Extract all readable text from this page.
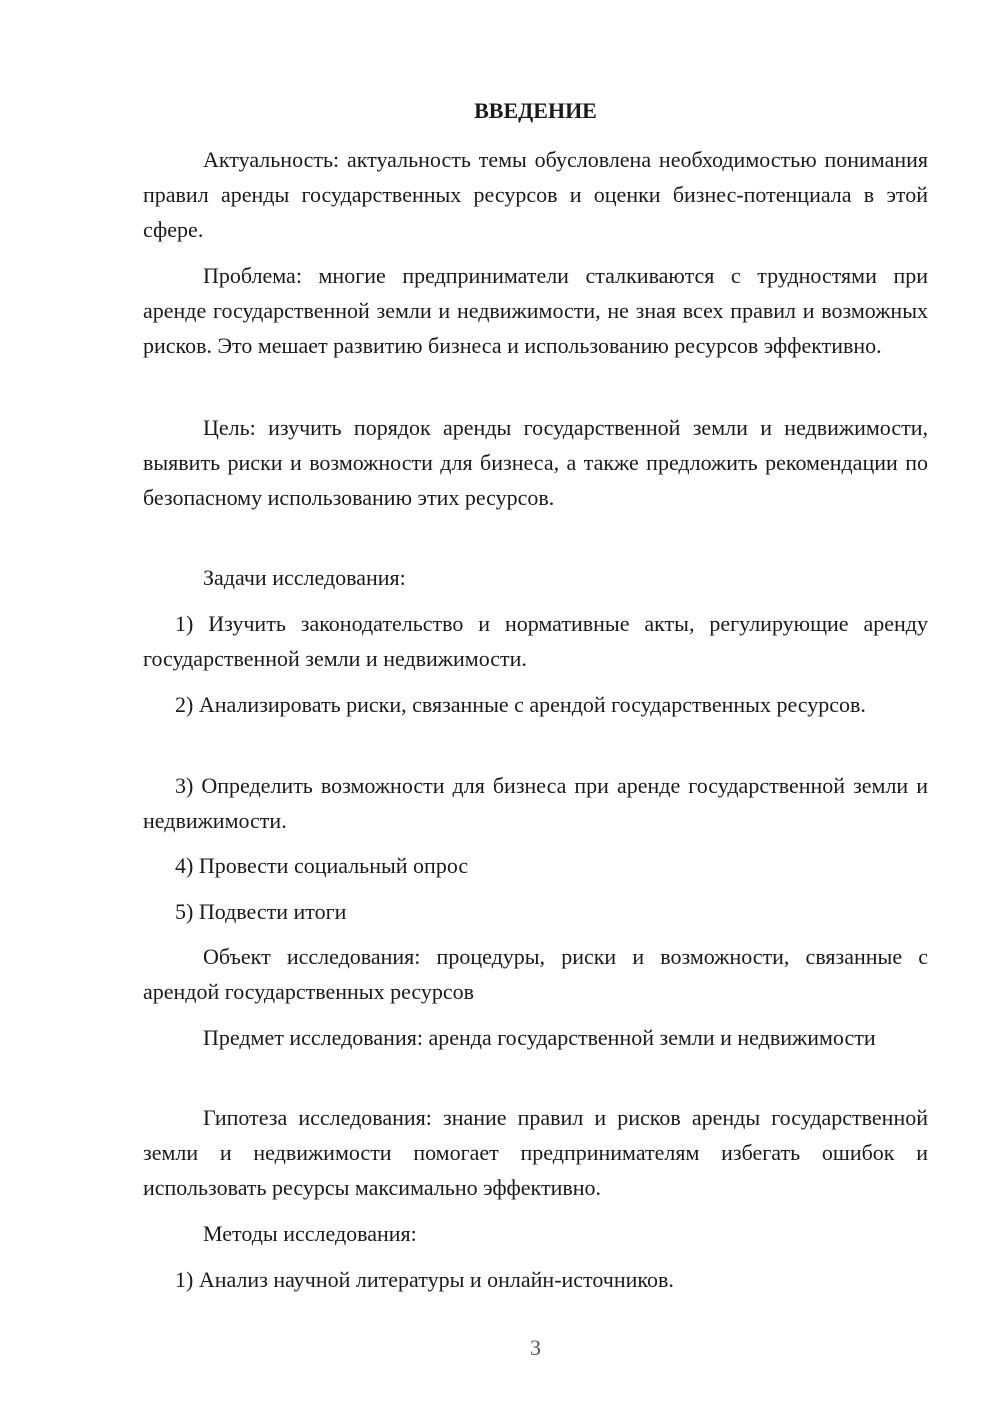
ВВЕДЕНИЕ

Актуальность: актуальность темы обусловлена необходимостью понимания правил аренды государственных ресурсов и оценки бизнес-потенциала в этой сфере.

Проблема: многие предприниматели сталкиваются с трудностями при аренде государственной земли и недвижимости, не зная всех правил и возможных рисков. Это мешает развитию бизнеса и использованию ресурсов эффективно.

Цель: изучить порядок аренды государственной земли и недвижимости, выявить риски и возможности для бизнеса, а также предложить рекомендации по безопасному использованию этих ресурсов.

Задачи исследования:

1) Изучить законодательство и нормативные акты, регулирующие аренду государственной земли и недвижимости.

2) Анализировать риски, связанные с арендой государственных ресурсов.

3) Определить возможности для бизнеса при аренде государственной земли и недвижимости.

4) Провести социальный опрос

5) Подвести итоги

Объект исследования: процедуры, риски и возможности, связанные с арендой государственных ресурсов

Предмет исследования: аренда государственной земли и недвижимости

Гипотеза исследования: знание правил и рисков аренды государственной земли и недвижимости помогает предпринимателям избегать ошибок и использовать ресурсы максимально эффективно.

Методы исследования:

1) Анализ научной литературы и онлайн-источников.

3
